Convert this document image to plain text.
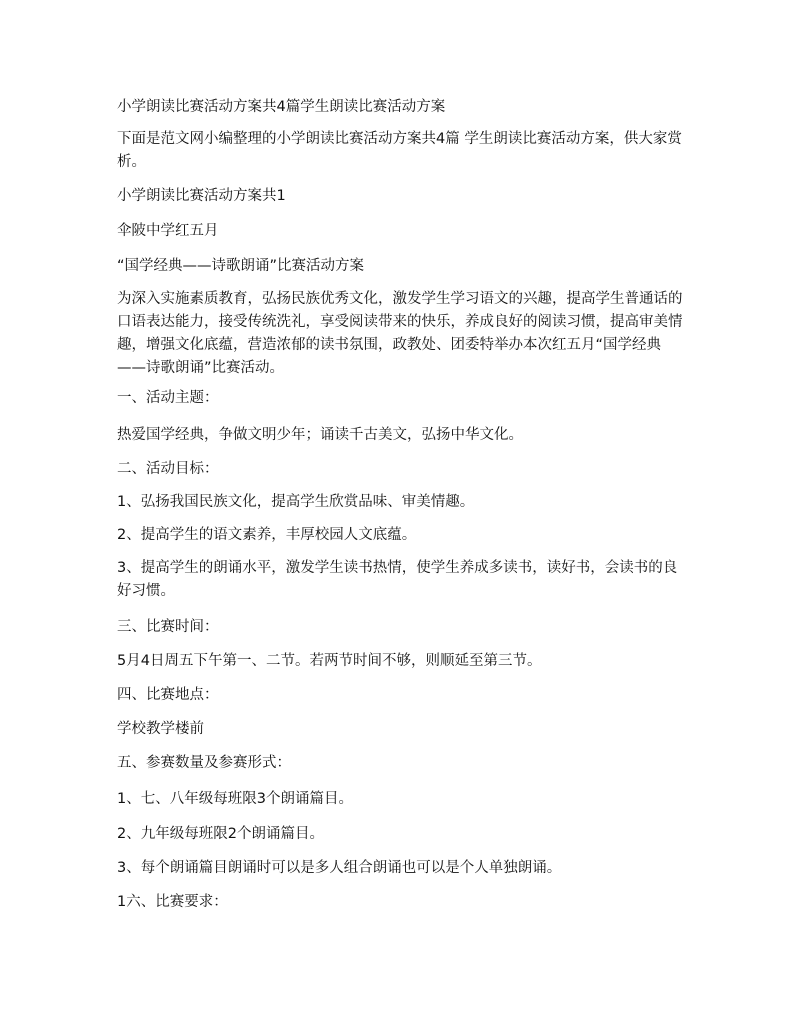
小学朗读比赛活动方案共4篇学生朗读比赛活动方案

下面是范文网小编整理的小学朗读比赛活动方案共4篇 学生朗读比赛活动方案，供大家赏析。

小学朗读比赛活动方案共1

伞陂中学红五月

“国学经典——诗歌朗诵”比赛活动方案

为深入实施素质教育，弘扬民族优秀文化，激发学生学习语文的兴趣，提高学生普通话的口语表达能力，接受传统洗礼，享受阅读带来的快乐，养成良好的阅读习惯，提高审美情趣，增强文化底蕴，营造浓郁的读书氛围，政教处、团委特举办本次红五月“国学经典——诗歌朗诵”比赛活动。

一、活动主题：

热爱国学经典，争做文明少年；诵读千古美文，弘扬中华文化。

二、活动目标：

1、弘扬我国民族文化，提高学生欣赏品味、审美情趣。

2、提高学生的语文素养，丰厚校园人文底蕴。

3、提高学生的朗诵水平，激发学生读书热情，使学生养成多读书，读好书，会读书的良好习惯。

三、比赛时间：

5月4日周五下午第一、二节。若两节时间不够，则顺延至第三节。

四、比赛地点：

学校教学楼前

五、参赛数量及参赛形式：

1、七、八年级每班限3个朗诵篇目。

2、九年级每班限2个朗诵篇目。

3、每个朗诵篇目朗诵时可以是多人组合朗诵也可以是个人单独朗诵。

1六、比赛要求：
